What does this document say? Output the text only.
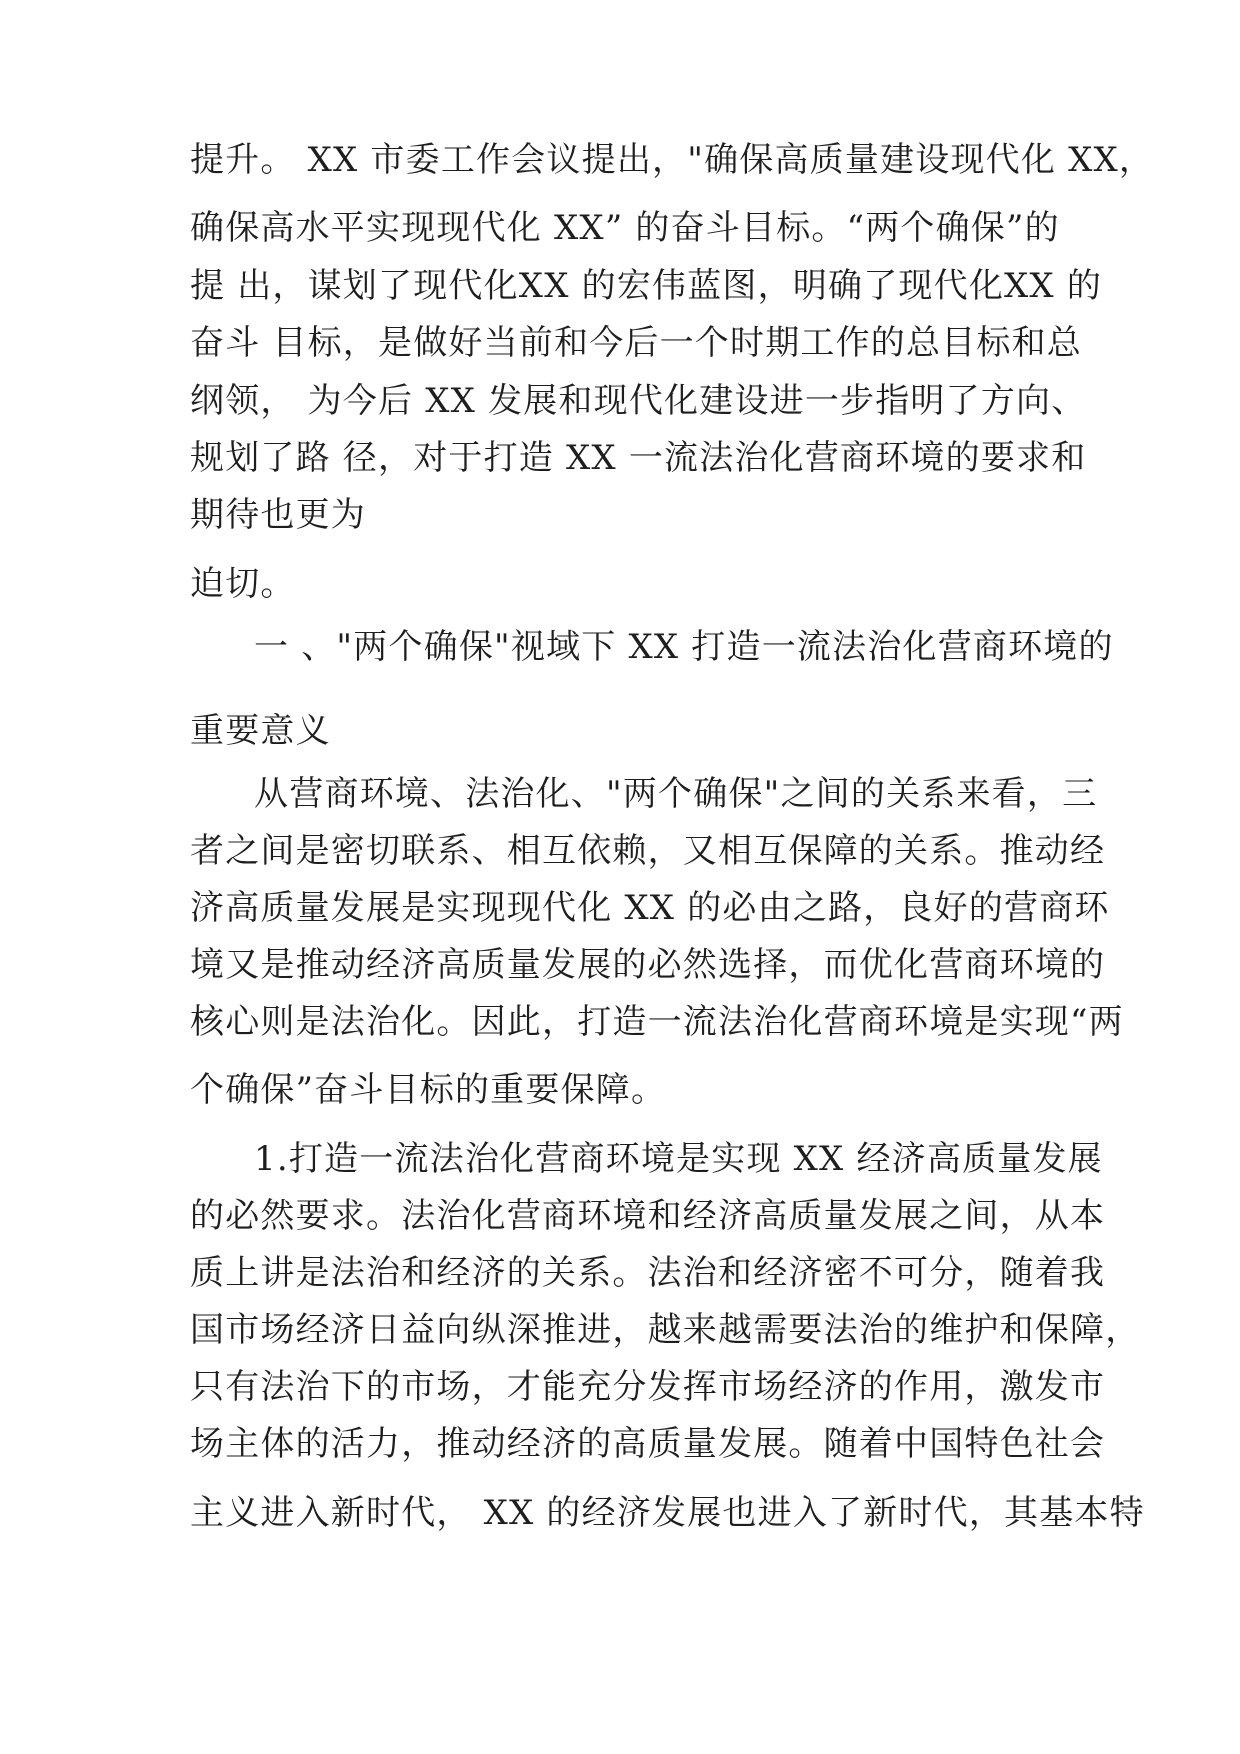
提升。 XX 市委工作会议提出，"确保高质量建设现代化 XX，

确保高水平实现现代化 XX” 的奋斗目标。“两个确保”的

提 出，谋划了现代化XX 的宏伟蓝图，明确了现代化XX 的

奋斗 目标，是做好当前和今后一个时期工作的总目标和总

纲领， 为今后 XX 发展和现代化建设进一步指明了方向、

规划了路 径，对于打造 XX 一流法治化营商环境的要求和

期待也更为

迫切。

一 、"两个确保"视域下 XX 打造一流法治化营商环境的

重要意义

从营商环境、法治化、"两个确保"之间的关系来看，三

者之间是密切联系、相互依赖，又相互保障的关系。推动经

济高质量发展是实现现代化 XX 的必由之路，良好的营商环

境又是推动经济高质量发展的必然选择，而优化营商环境的

核心则是法治化。因此，打造一流法治化营商环境是实现“两

个确保”奋斗目标的重要保障。

1.打造一流法治化营商环境是实现 XX 经济高质量发展

的必然要求。法治化营商环境和经济高质量发展之间，从本

质上讲是法治和经济的关系。法治和经济密不可分，随着我

国市场经济日益向纵深推进，越来越需要法治的维护和保障，

只有法治下的市场，才能充分发挥市场经济的作用，激发市

场主体的活力，推动经济的高质量发展。随着中国特色社会

主义进入新时代， XX 的经济发展也进入了新时代，其基本特
